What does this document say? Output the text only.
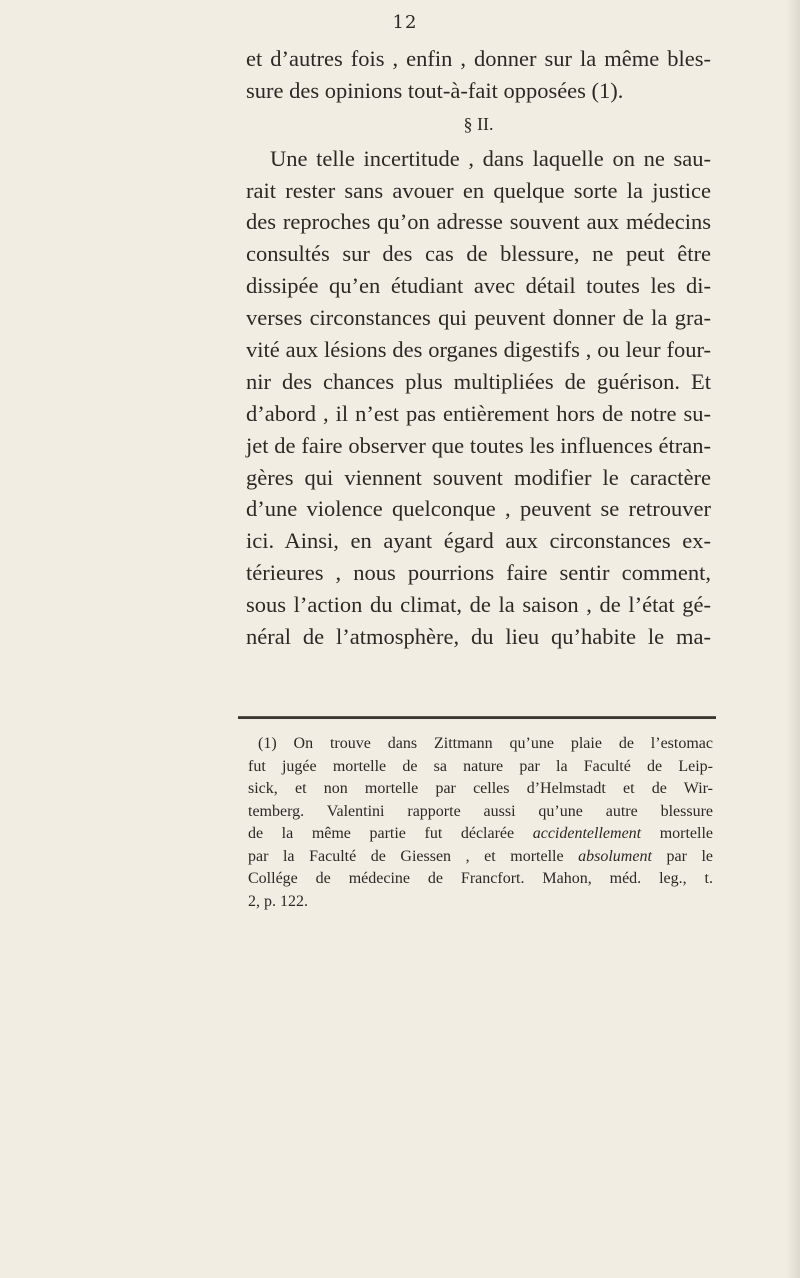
12
et d’autres fois , enfin , donner sur la même bles-
sure des opinions tout-à-fait opposées (1).
§ II.
Une telle incertitude , dans laquelle on ne sau-
rait rester sans avouer en quelque sorte la justice
des reproches qu’on adresse souvent aux médecins
consultés sur des cas de blessure, ne peut être
dissipée qu’en étudiant avec détail toutes les di-
verses circonstances qui peuvent donner de la gra-
vité aux lésions des organes digestifs , ou leur four-
nir des chances plus multipliées de guérison. Et
d’abord , il n’est pas entièrement hors de notre su-
jet de faire observer que toutes les influences étran-
gères qui viennent souvent modifier le caractère
d’une violence quelconque , peuvent se retrouver
ici. Ainsi, en ayant égard aux circonstances ex-
térieures , nous pourrions faire sentir comment,
sous l’action du climat, de la saison , de l’état gé-
néral de l’atmosphère, du lieu qu’habite le ma-
(1) On trouve dans Zittmann qu’une plaie de l’estomac
fut jugée mortelle de sa nature par la Faculté de Leip-
sick, et non mortelle par celles d’Helmstadt et de Wir-
temberg. Valentini rapporte aussi qu’une autre blessure
de la même partie fut déclarée accidentellement mortelle
par la Faculté de Giessen , et mortelle absolument par le
Collége de médecine de Francfort. Mahon, méd. leg., t.
2, p. 122.
